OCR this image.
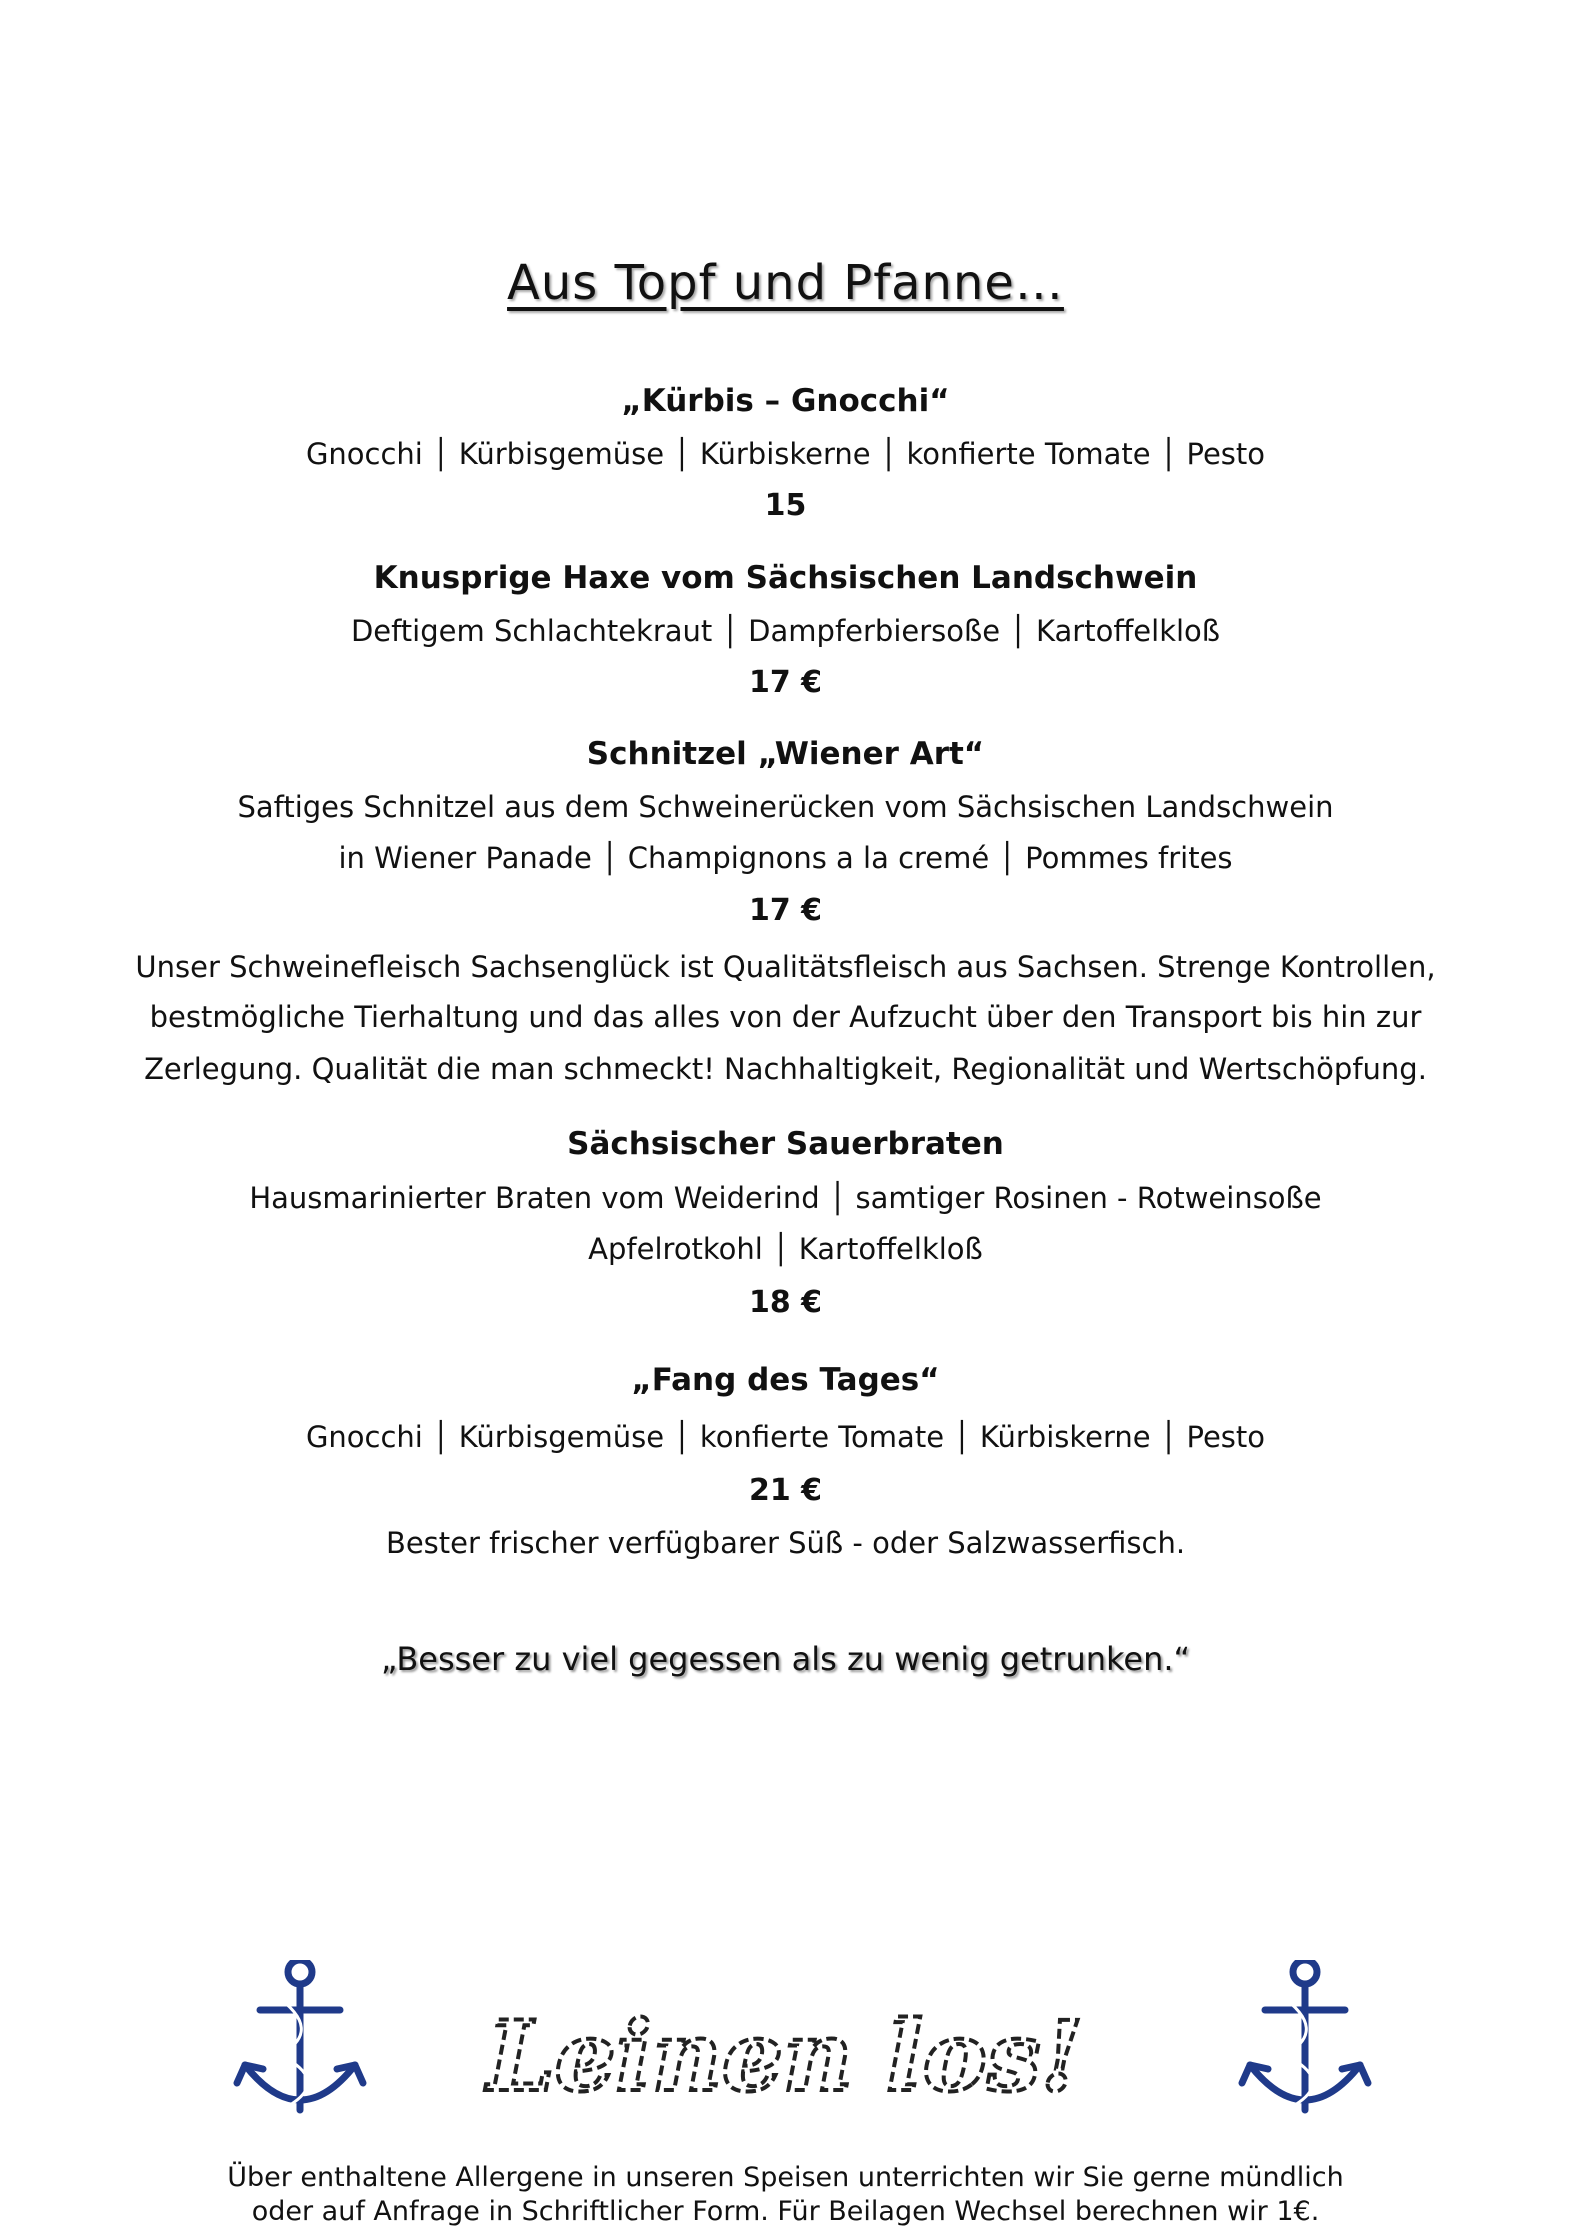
Aus Topf und Pfanne…
„Kürbis – Gnocchi“
Gnocchi │ Kürbisgemüse │ Kürbiskerne │ konfierte Tomate │ Pesto
15
Knusprige Haxe vom Sächsischen Landschwein
Deftigem Schlachtekraut │ Dampferbiersoße │ Kartoffelkloß
17 €
Schnitzel „Wiener Art“
Saftiges Schnitzel aus dem Schweinerücken vom Sächsischen Landschwein
in Wiener Panade │ Champignons a la cremé │ Pommes frites
17 €
Unser Schweinefleisch Sachsenglück ist Qualitätsfleisch aus Sachsen. Strenge Kontrollen,
bestmögliche Tierhaltung und das alles von der Aufzucht über den Transport bis hin zur
Zerlegung. Qualität die man schmeckt! Nachhaltigkeit, Regionalität und Wertschöpfung.
Sächsischer Sauerbraten
Hausmarinierter Braten vom Weiderind │ samtiger Rosinen - Rotweinsoße
Apfelrotkohl │ Kartoffelkloß
18 €
„Fang des Tages“
Gnocchi │ Kürbisgemüse │ konfierte Tomate │ Kürbiskerne │ Pesto
21 €
Bester frischer verfügbarer Süß - oder Salzwasserfisch.
„Besser zu viel gegessen als zu wenig getrunken.“
Leinen los!
Über enthaltene Allergene in unseren Speisen unterrichten wir Sie gerne mündlich
oder auf Anfrage in Schriftlicher Form. Für Beilagen Wechsel berechnen wir 1€.
